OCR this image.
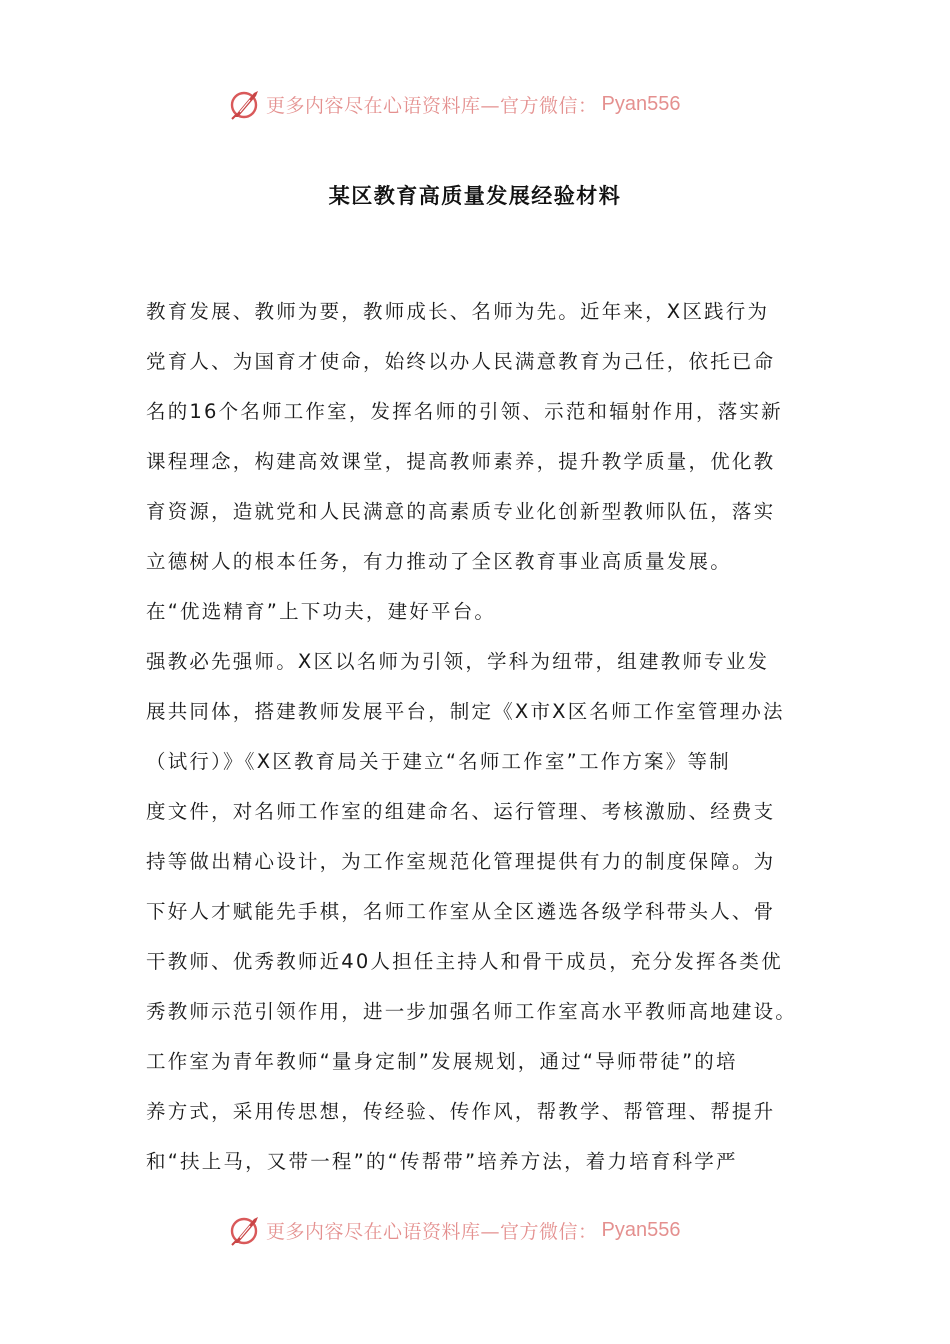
更多内容尽在心语资料库— 官方微信： Pyan556
某区教育高质量发展经验材料
教育发展、教师为要，教师成长、名师为先。近年来，X区践行为
党育人、为国育才使命，始终以办人民满意教育为己任，依托已命
名的16个名师工作室，发挥名师的引领、示范和辐射作用，落实新
课程理念，构建高效课堂，提高教师素养，提升教学质量，优化教
育资源，造就党和人民满意的高素质专业化创新型教师队伍，落实
立德树人的根本任务，有力推动了全区教育事业高质量发展。
在“优选精育”上下功夫，建好平台。
强教必先强师。X区以名师为引领，学科为纽带，组建教师专业发
展共同体，搭建教师发展平台，制定《X市X区名师工作室管理办法
（试行）》《X区教育局关于建立“名师工作室”工作方案》等制
度文件，对名师工作室的组建命名、运行管理、考核激励、经费支
持等做出精心设计，为工作室规范化管理提供有力的制度保障。为
下好人才赋能先手棋，名师工作室从全区遴选各级学科带头人、骨
干教师、优秀教师近40人担任主持人和骨干成员，充分发挥各类优
秀教师示范引领作用，进一步加强名师工作室高水平教师高地建设。
工作室为青年教师“量身定制”发展规划，通过“导师带徒”的培
养方式，采用传思想，传经验、传作风，帮教学、帮管理、帮提升
和“扶上马，又带一程”的“传帮带”培养方法，着力培育科学严
更多内容尽在心语资料库— 官方微信： Pyan556
